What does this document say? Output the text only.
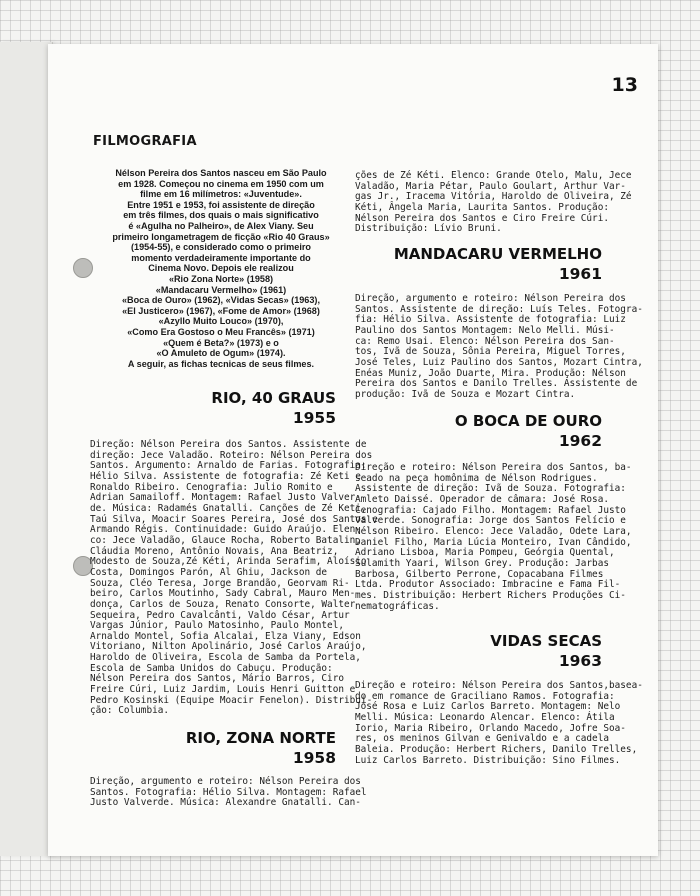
13
FILMOGRAFIA
Nélson Pereira dos Santos nasceu em São Paulo
em 1928. Começou no cinema em 1950 com um
filme em 16 milímetros: «Juventude».
Entre 1951 e 1953, foi assistente de direção
em três filmes, dos quais o mais significativo
é «Agulha no Palheiro», de Alex Viany. Seu
primeiro longametragem de ficção «Rio 40 Graus»
(1954-55), e considerado como o primeiro
momento verdadeiramente importante do
Cinema Novo. Depois ele realizou
«Rio Zona Norte» (1958)
«Mandacaru Vermelho» (1961)
«Boca de Ouro» (1962), «Vidas Secas» (1963),
«El Justicero» (1967), «Fome de Amor» (1968)
«Azyllo Muito Louco» (1970),
«Como Era Gostoso o Meu Francês» (1971)
«Quem é Beta?» (1973) e o
«O Amuleto de Ogum» (1974).
A seguir, as fichas tecnicas de seus filmes.
RIO, 40 GRAUS
1955
Direção: Nélson Pereira dos Santos. Assistente de
direção: Jece Valadão. Roteiro: Nélson Pereira dos
Santos. Argumento: Arnaldo de Farias. Fotografia:
Hélio Silva. Assistente de fotografia: Zé Keti e
Ronaldo Ribeiro. Cenografia: Julio Romito e
Adrian Samailoff. Montagem: Rafael Justo Valver-
de. Música: Radamés Gnatalli. Canções de Zé Keti,
Taú Silva, Moacir Soares Pereira, José dos Santos e
Armando Régis. Continuidade: Guido Araújo. Elen-
co: Jece Valadão, Glauce Rocha, Roberto Batalin,
Cláudia Moreno, Antônio Novais, Ana Beatriz,
Modesto de Souza,Zé Kéti, Arinda Serafim, Aloísio
Costa, Domingos Parón, Al Ghiu, Jackson de
Souza, Cléo Teresa, Jorge Brandão, Georvam Ri-
beiro, Carlos Moutinho, Sady Cabral, Mauro Men-
donça, Carlos de Souza, Renato Consorte, Walter
Sequeira, Pedro Cavalcânti, Valdo César, Artur
Vargas Júnior, Paulo Matosinho, Paulo Montel,
Arnaldo Montel, Sofia Alcalai, Elza Viany, Edson
Vitoriano, Nilton Apolinário, José Carlos Araújo,
Haroldo de Oliveira, Escola de Samba da Portela,
Escola de Samba Unidos do Cabuçu. Produção:
Nélson Pereira dos Santos, Mário Barros, Ciro
Freire Cúri, Luiz Jardim, Louis Henri Guitton e
Pedro Kosinski (Equipe Moacir Fenelon). Distribui-
ção: Columbia.
RIO, ZONA NORTE
1958
Direção, argumento e roteiro: Nélson Pereira dos
Santos. Fotografia: Hélio Silva. Montagem: Rafael
Justo Valverde. Música: Alexandre Gnatalli. Can-
ções de Zé Kéti. Elenco: Grande Otelo, Malu, Jece
Valadão, Maria Pétar, Paulo Goulart, Arthur Var-
gas Jr., Iracema Vitória, Haroldo de Oliveira, Zé
Kéti, Ângela Maria, Laurita Santos. Produção:
Nélson Pereira dos Santos e Ciro Freire Cúri.
Distribuição: Lívio Bruni.
MANDACARU VERMELHO
1961
Direção, argumento e roteiro: Nélson Pereira dos
Santos. Assistente de direção: Luís Teles. Fotogra-
fia: Hélio Silva. Assistente de fotografia: Luiz
Paulino dos Santos Montagem: Nelo Melli. Músi-
ca: Remo Usai. Elenco: Nélson Pereira dos San-
tos, Ivã de Souza, Sônia Pereira, Miguel Torres,
José Teles, Luiz Paulino dos Santos, Mozart Cintra,
Enéas Muniz, João Duarte, Mira. Produção: Nélson
Pereira dos Santos e Danilo Trelles. Assistente de
produção: Ivã de Souza e Mozart Cintra.
O BOCA DE OURO
1962
Direção e roteiro: Nélson Pereira dos Santos, ba-
seado na peça homônima de Nélson Rodrigues.
Assistente de direção: Ivã de Souza. Fotografia:
Amleto Daissé. Operador de câmara: José Rosa.
Cenografia: Cajado Filho. Montagem: Rafael Justo
Valverde. Sonografia: Jorge dos Santos Felício e
Nélson Ribeiro. Elenco: Jece Valadão, Odete Lara,
Daniel Filho, Maria Lúcia Monteiro, Ivan Cândido,
Adriano Lisboa, Maria Pompeu, Geórgia Quental,
Sulamith Yaari, Wilson Grey. Produção: Jarbas
Barbosa, Gilberto Perrone, Copacabana Filmes
Ltda. Produtor Associado: Imbracine e Fama Fil-
mes. Distribuição: Herbert Richers Produções Ci-
nematográficas.
VIDAS SECAS
1963
Direção e roteiro: Nélson Pereira dos Santos,basea-
do em romance de Graciliano Ramos. Fotografia:
José Rosa e Luiz Carlos Barreto. Montagem: Nelo
Melli. Música: Leonardo Alencar. Elenco: Átila
Iorio, Maria Ribeiro, Orlando Macedo, Jofre Soa-
res, os meninos Gilvan e Genivaldo e a cadela
Baleia. Produção: Herbert Richers, Danilo Trelles,
Luiz Carlos Barreto. Distribuição: Sino Filmes.
